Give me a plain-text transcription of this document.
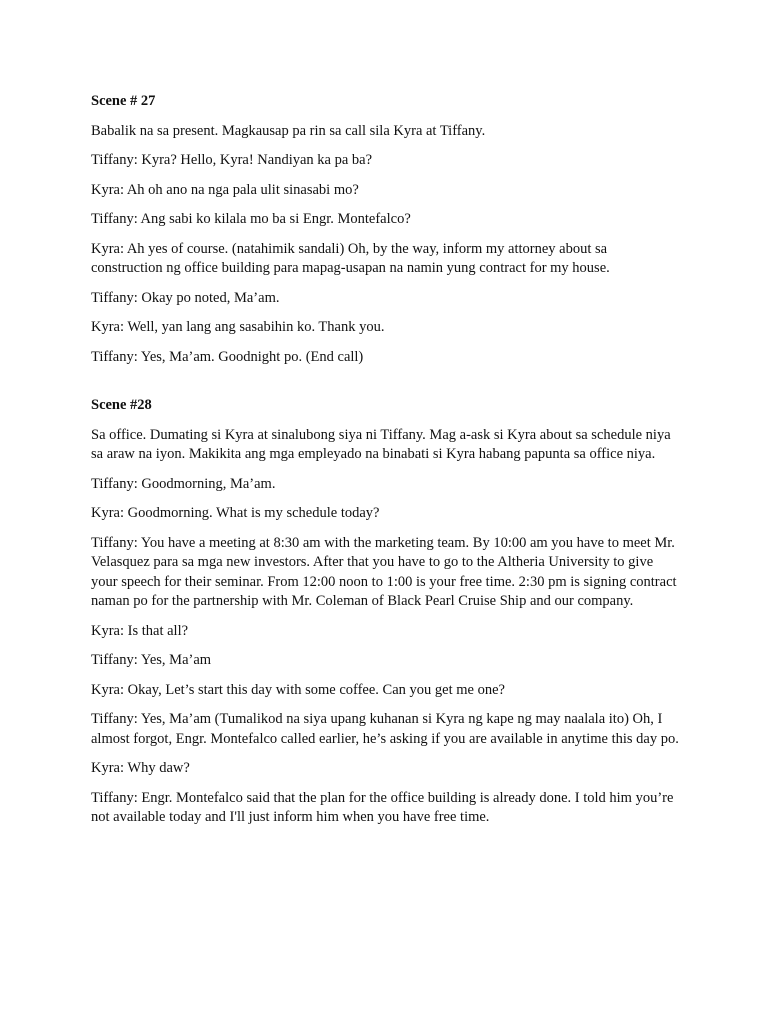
Scene # 27

Babalik na sa present. Magkausap pa rin sa call sila Kyra at Tiffany.

Tiffany: Kyra? Hello, Kyra! Nandiyan ka pa ba?

Kyra: Ah oh ano na nga pala ulit sinasabi mo?

Tiffany: Ang sabi ko kilala mo ba si Engr. Montefalco?

Kyra: Ah yes of course. (natahimik sandali) Oh, by the way, inform my attorney about sa construction ng office building para mapag-usapan na namin yung contract for my house.

Tiffany: Okay po noted, Ma’am.

Kyra: Well, yan lang ang sasabihin ko. Thank you.

Tiffany: Yes, Ma’am. Goodnight po. (End call)

Scene #28

Sa office. Dumating si Kyra at sinalubong siya ni Tiffany. Mag a-ask si Kyra about sa schedule niya sa araw na iyon. Makikita ang mga empleyado na binabati si Kyra habang papunta sa office niya.

Tiffany: Goodmorning, Ma’am.

Kyra: Goodmorning. What is my schedule today?

Tiffany: You have a meeting at 8:30 am with the marketing team. By 10:00 am you have to meet Mr. Velasquez para sa mga new investors. After that you have to go to the Altheria University to give your speech for their seminar. From 12:00 noon to 1:00 is your free time. 2:30 pm is signing contract naman po for the partnership with Mr. Coleman of Black Pearl Cruise Ship and our company.

Kyra: Is that all?

Tiffany: Yes, Ma’am

Kyra: Okay, Let’s start this day with some coffee. Can you get me one?

Tiffany: Yes, Ma’am (Tumalikod na siya upang kuhanan si Kyra ng kape ng may naalala ito) Oh, I almost forgot, Engr. Montefalco called earlier, he’s asking if you are available in anytime this day po.

Kyra: Why daw?

Tiffany: Engr. Montefalco said that the plan for the office building is already done. I told him you’re not available today and I'll just inform him when you have free time.
